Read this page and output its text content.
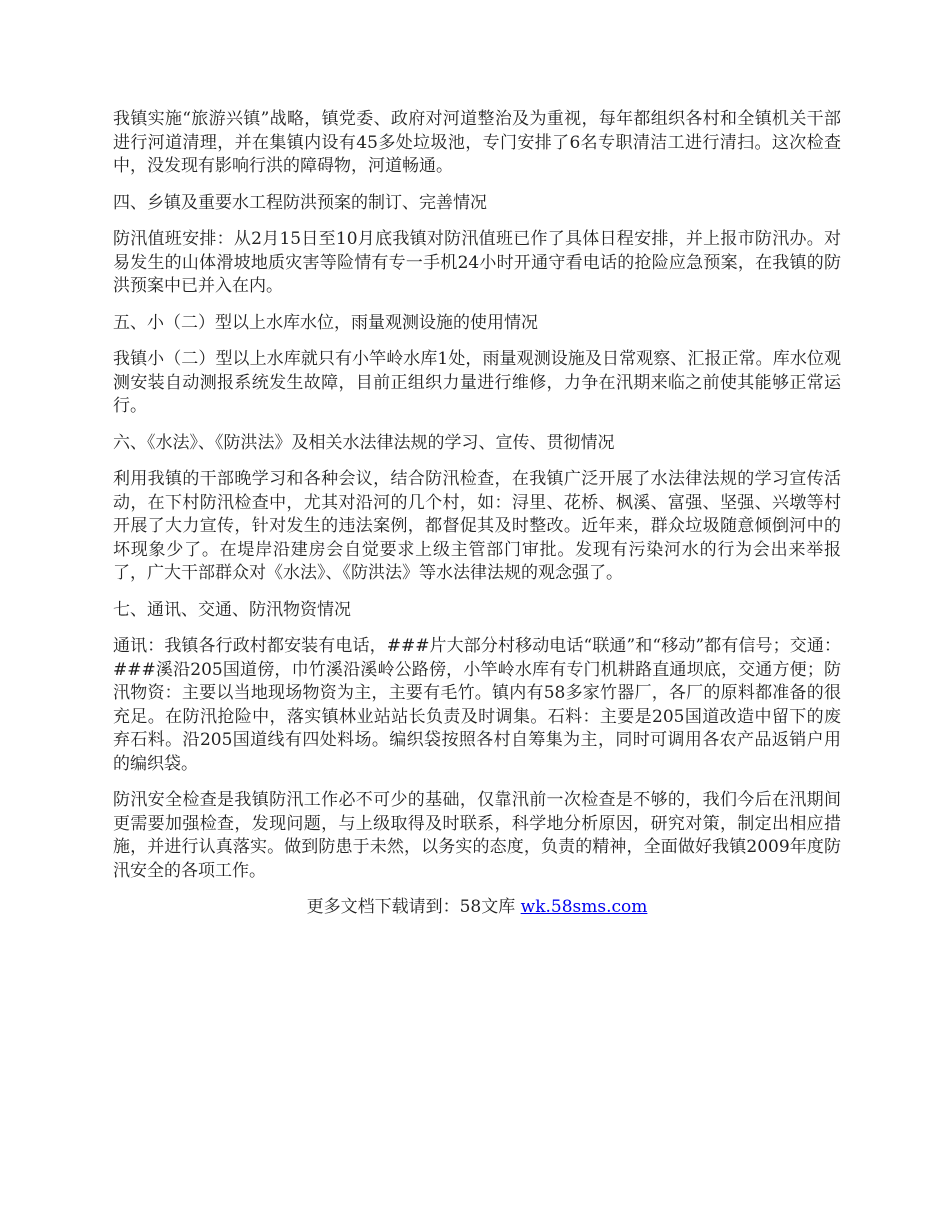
我镇实施“旅游兴镇”战略，镇党委、政府对河道整治及为重视，每年都组织各村和全镇机关干部进行河道清理，并在集镇内设有45多处垃圾池，专门安排了6名专职清洁工进行清扫。这次检查中，没发现有影响行洪的障碍物，河道畅通。

四、乡镇及重要水工程防洪预案的制订、完善情况

防汛值班安排：从2月15日至10月底我镇对防汛值班已作了具体日程安排，并上报市防汛办。对易发生的山体滑坡地质灾害等险情有专一手机24小时开通守看电话的抢险应急预案，在我镇的防洪预案中已并入在内。

五、小（二）型以上水库水位，雨量观测设施的使用情况

我镇小（二）型以上水库就只有小竿岭水库1处，雨量观测设施及日常观察、汇报正常。库水位观测安装自动测报系统发生故障，目前正组织力量进行维修，力争在汛期来临之前使其能够正常运行。

六、《水法》、《防洪法》及相关水法律法规的学习、宣传、贯彻情况

利用我镇的干部晚学习和各种会议，结合防汛检查，在我镇广泛开展了水法律法规的学习宣传活动，在下村防汛检查中，尤其对沿河的几个村，如：浔里、花桥、枫溪、富强、坚强、兴墩等村开展了大力宣传，针对发生的违法案例，都督促其及时整改。近年来，群众垃圾随意倾倒河中的坏现象少了。在堤岸沿建房会自觉要求上级主管部门审批。发现有污染河水的行为会出来举报了，广大干部群众对《水法》、《防洪法》等水法律法规的观念强了。

七、通讯、交通、防汛物资情况

通讯：我镇各行政村都安装有电话，###片大部分村移动电话“联通”和“移动”都有信号；交通：###溪沿205国道傍，巾竹溪沿溪岭公路傍，小竿岭水库有专门机耕路直通坝底，交通方便；防汛物资：主要以当地现场物资为主，主要有毛竹。镇内有58多家竹器厂，各厂的原料都准备的很充足。在防汛抢险中，落实镇林业站站长负责及时调集。石料：主要是205国道改造中留下的废弃石料。沿205国道线有四处料场。编织袋按照各村自筹集为主，同时可调用各农产品返销户用的编织袋。

防汛安全检查是我镇防汛工作必不可少的基础，仅靠汛前一次检查是不够的，我们今后在汛期间更需要加强检查，发现问题，与上级取得及时联系，科学地分析原因，研究对策，制定出相应措施，并进行认真落实。做到防患于未然，以务实的态度，负责的精神，全面做好我镇2009年度防汛安全的各项工作。

更多文档下载请到：58文库 wk.58sms.com
